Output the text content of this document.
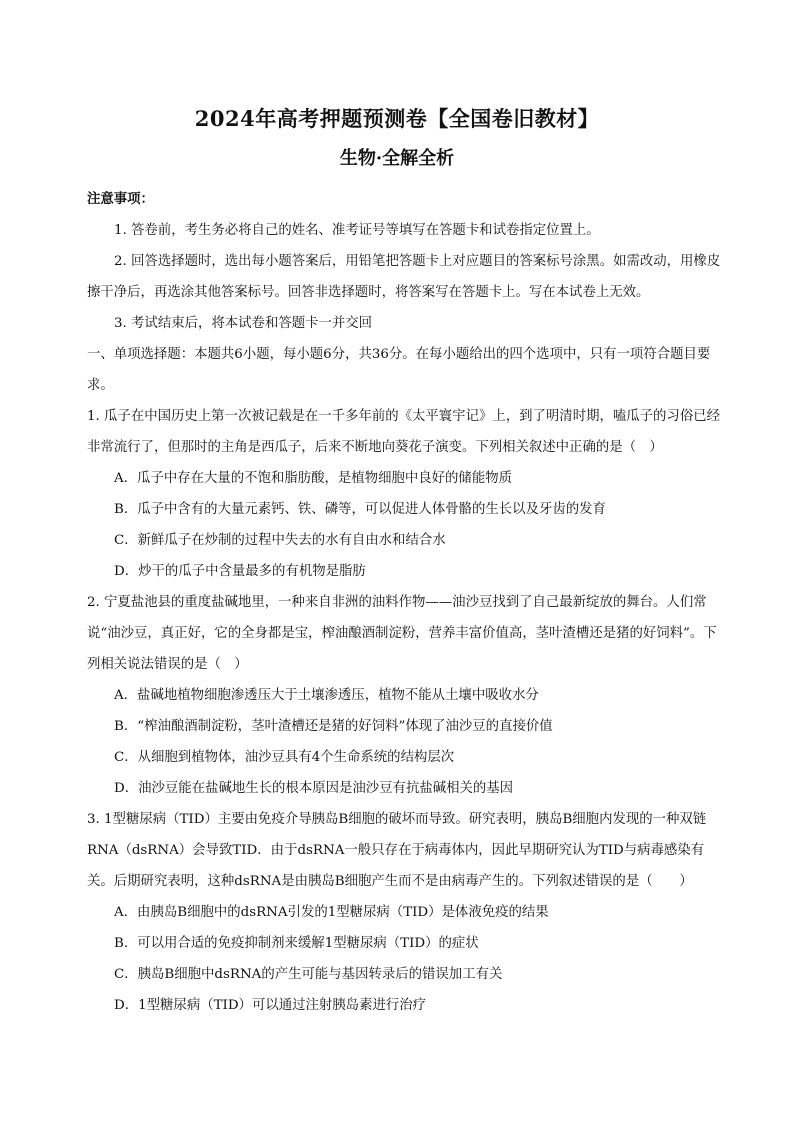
2024年高考押题预测卷【全国卷旧教材】
生物·全解全析

注意事项：

1. 答卷前，考生务必将自己的姓名、准考证号等填写在答题卡和试卷指定位置上。

2. 回答选择题时，选出每小题答案后，用铅笔把答题卡上对应题目的答案标号涂黑。如需改动，用橡皮擦干净后，再选涂其他答案标号。回答非选择题时，将答案写在答题卡上。写在本试卷上无效。

3. 考试结束后，将本试卷和答题卡一并交回

一、单项选择题：本题共6小题，每小题6分，共36分。在每小题给出的四个选项中，只有一项符合题目要求。

1. 瓜子在中国历史上第一次被记载是在一千多年前的《太平寰宇记》上，到了明清时期，嗑瓜子的习俗已经非常流行了，但那时的主角是西瓜子，后来不断地向葵花子演变。下列相关叙述中正确的是（　）

A．瓜子中存在大量的不饱和脂肪酸，是植物细胞中良好的储能物质

B．瓜子中含有的大量元素钙、铁、磷等，可以促进人体骨骼的生长以及牙齿的发育

C．新鲜瓜子在炒制的过程中失去的水有自由水和结合水

D．炒干的瓜子中含量最多的有机物是脂肪

2. 宁夏盐池县的重度盐碱地里，一种来自非洲的油料作物——油沙豆找到了自己最新绽放的舞台。人们常说“油沙豆，真正好，它的全身都是宝，榨油酿酒制淀粉，营养丰富价值高，茎叶渣槽还是猪的好饲料”。下列相关说法错误的是（　）

A．盐碱地植物细胞渗透压大于土壤渗透压，植物不能从土壤中吸收水分

B．“榨油酿酒制淀粉，茎叶渣槽还是猪的好饲料”体现了油沙豆的直接价值

C．从细胞到植物体，油沙豆具有4个生命系统的结构层次

D．油沙豆能在盐碱地生长的根本原因是油沙豆有抗盐碱相关的基因

3. 1型糖尿病（TID）主要由免疫介导胰岛B细胞的破坏而导致。研究表明，胰岛B细胞内发现的一种双链RNA（dsRNA）会导致TID．由于dsRNA一般只存在于病毒体内，因此早期研究认为TID与病毒感染有关。后期研究表明，这种dsRNA是由胰岛B细胞产生而不是由病毒产生的。下列叙述错误的是（　　）

A．由胰岛B细胞中的dsRNA引发的1型糖尿病（TID）是体液免疫的结果

B．可以用合适的免疫抑制剂来缓解1型糖尿病（TID）的症状

C．胰岛B细胞中dsRNA的产生可能与基因转录后的错误加工有关

D．1型糖尿病（TID）可以通过注射胰岛素进行治疗
